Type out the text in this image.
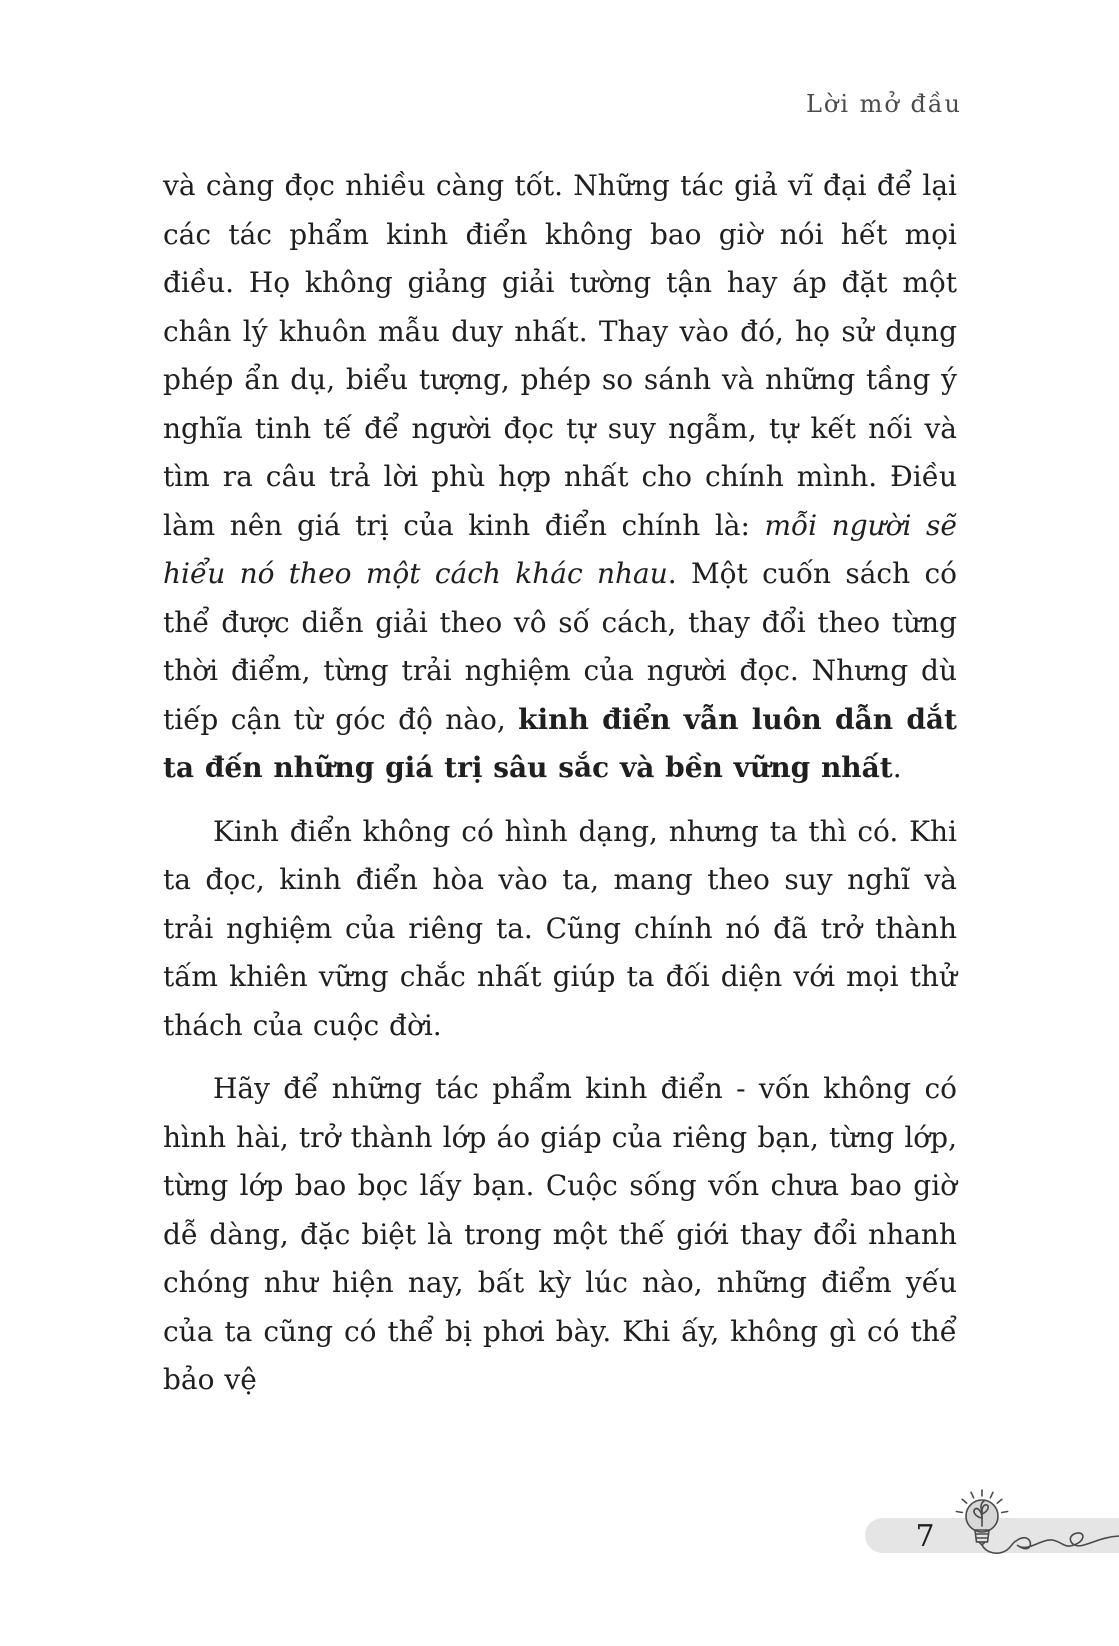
Lời mở đầu

và càng đọc nhiều càng tốt. Những tác giả vĩ đại để lại các tác phẩm kinh điển không bao giờ nói hết mọi điều. Họ không giảng giải tường tận hay áp đặt một chân lý khuôn mẫu duy nhất. Thay vào đó, họ sử dụng phép ẩn dụ, biểu tượng, phép so sánh và những tầng ý nghĩa tinh tế để người đọc tự suy ngẫm, tự kết nối và tìm ra câu trả lời phù hợp nhất cho chính mình. Điều làm nên giá trị của kinh điển chính là: mỗi người sẽ hiểu nó theo một cách khác nhau. Một cuốn sách có thể được diễn giải theo vô số cách, thay đổi theo từng thời điểm, từng trải nghiệm của người đọc. Nhưng dù tiếp cận từ góc độ nào, kinh điển vẫn luôn dẫn dắt ta đến những giá trị sâu sắc và bền vững nhất.

Kinh điển không có hình dạng, nhưng ta thì có. Khi ta đọc, kinh điển hòa vào ta, mang theo suy nghĩ và trải nghiệm của riêng ta. Cũng chính nó đã trở thành tấm khiên vững chắc nhất giúp ta đối diện với mọi thử thách của cuộc đời.

Hãy để những tác phẩm kinh điển - vốn không có hình hài, trở thành lớp áo giáp của riêng bạn, từng lớp, từng lớp bao bọc lấy bạn. Cuộc sống vốn chưa bao giờ dễ dàng, đặc biệt là trong một thế giới thay đổi nhanh chóng như hiện nay, bất kỳ lúc nào, những điểm yếu của ta cũng có thể bị phơi bày. Khi ấy, không gì có thể bảo vệ

7
